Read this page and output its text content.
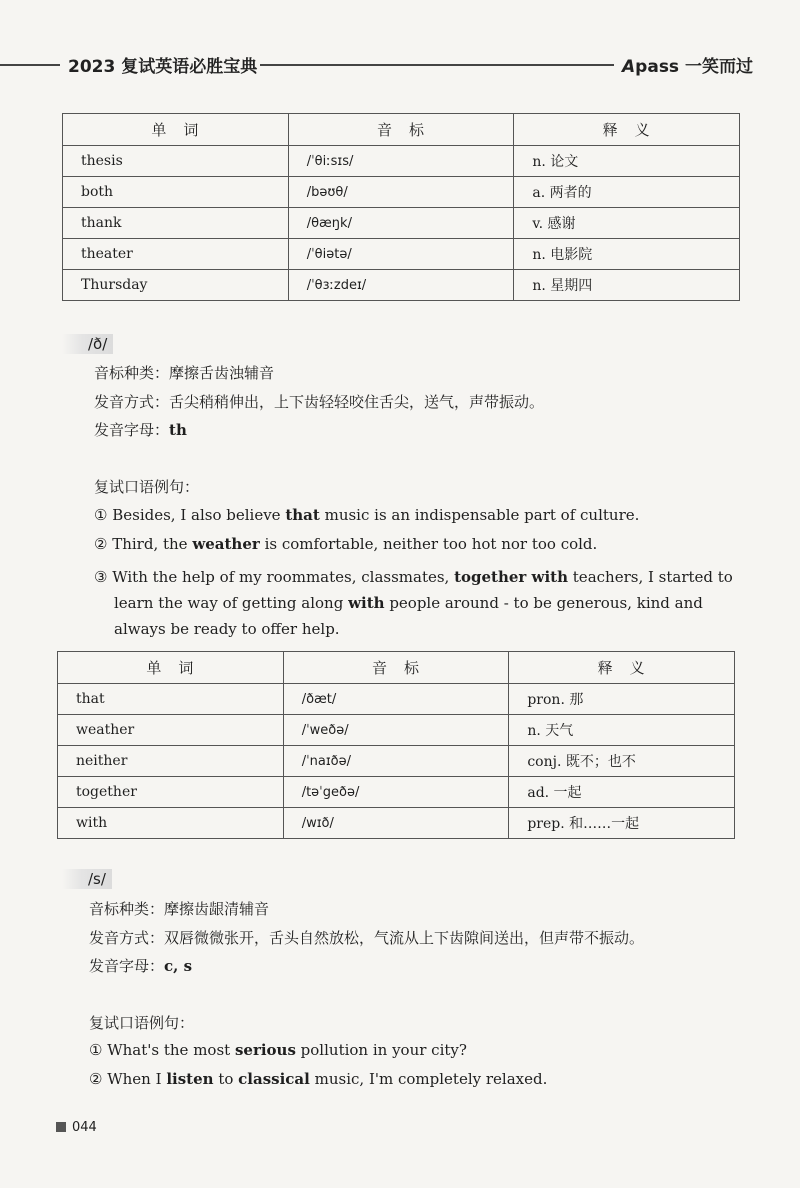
2023 复试英语必胜宝典	Apass 一笑而过
单　词	音　标	释　义
thesis	/ˈθiːsɪs/	n. 论文
both	/bəʊθ/	a. 两者的
thank	/θæŋk/	v. 感谢
theater	/ˈθiətə/	n. 电影院
Thursday	/ˈθɜːzdeɪ/	n. 星期四
/ð/
音标种类：摩擦舌齿浊辅音
发音方式：舌尖稍稍伸出，上下齿轻轻咬住舌尖，送气，声带振动。
发音字母：th
复试口语例句：
① Besides, I also believe that music is an indispensable part of culture.
② Third, the weather is comfortable, neither too hot nor too cold.
③ With the help of my roommates, classmates, together with teachers, I started to learn the way of getting along with people around - to be generous, kind and always be ready to offer help.
单　词	音　标	释　义
that	/ðæt/	pron. 那
weather	/ˈweðə/	n. 天气
neither	/ˈnaɪðə/	conj. 既不；也不
together	/təˈgeðə/	ad. 一起
with	/wɪð/	prep. 和……一起
/s/
音标种类：摩擦齿龈清辅音
发音方式：双唇微微张开，舌头自然放松，气流从上下齿隙间送出，但声带不振动。
发音字母：c, s
复试口语例句：
① What's the most serious pollution in your city?
② When I listen to classical music, I'm completely relaxed.
044
